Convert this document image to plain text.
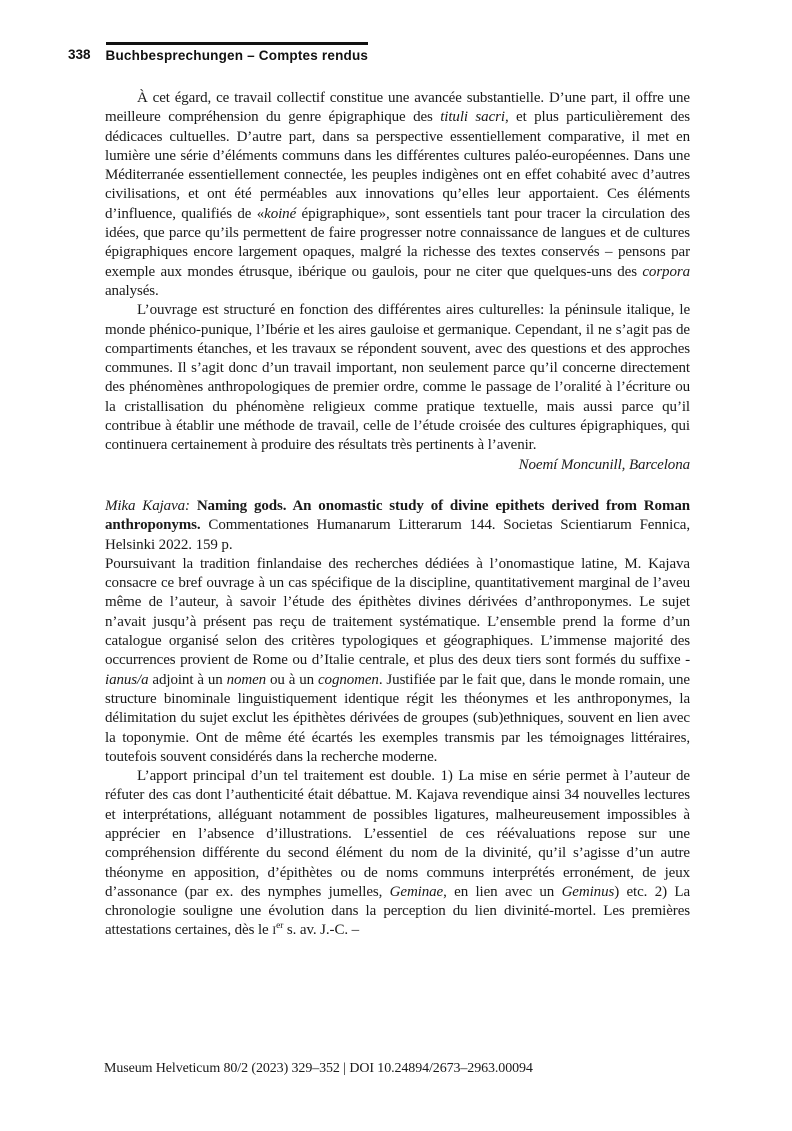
338 Buchbesprechungen – Comptes rendus

À cet égard, ce travail collectif constitue une avancée substantielle. D’une part, il offre une meilleure compréhension du genre épigraphique des tituli sacri, et plus particulièrement des dédicaces cultuelles. D’autre part, dans sa perspective essentiellement comparative, il met en lumière une série d’éléments communs dans les différentes cultures paléo-européennes. Dans une Méditerranée essentiellement connectée, les peuples indigènes ont en effet cohabité avec d’autres civilisations, et ont été perméables aux innovations qu’elles leur apportaient. Ces éléments d’influence, qualifiés de «koiné épigraphique», sont essentiels tant pour tracer la circulation des idées, que parce qu’ils permettent de faire progresser notre connaissance de langues et de cultures épigraphiques encore largement opaques, malgré la richesse des textes conservés – pensons par exemple aux mondes étrusque, ibérique ou gaulois, pour ne citer que quelques-uns des corpora analysés.

L’ouvrage est structuré en fonction des différentes aires culturelles: la péninsule italique, le monde phénico-punique, l’Ibérie et les aires gauloise et germanique. Cependant, il ne s’agit pas de compartiments étanches, et les travaux se répondent souvent, avec des questions et des approches communes. Il s’agit donc d’un travail important, non seulement parce qu’il concerne directement des phénomènes anthropologiques de premier ordre, comme le passage de l’oralité à l’écriture ou la cristallisation du phénomène religieux comme pratique textuelle, mais aussi parce qu’il contribue à établir une méthode de travail, celle de l’étude croisée des cultures épigraphiques, qui continuera certainement à produire des résultats très pertinents à l’avenir.

Noemí Moncunill, Barcelona

Mika Kajava: Naming gods. An onomastic study of divine epithets derived from Roman anthroponyms. Commentationes Humanarum Litterarum 144. Societas Scientiarum Fennica, Helsinki 2022. 159 p.

Poursuivant la tradition finlandaise des recherches dédiées à l’onomastique latine, M. Kajava consacre ce bref ouvrage à un cas spécifique de la discipline, quantitativement marginal de l’aveu même de l’auteur, à savoir l’étude des épithètes divines dérivées d’anthroponymes. Le sujet n’avait jusqu’à présent pas reçu de traitement systématique. L’ensemble prend la forme d’un catalogue organisé selon des critères typologiques et géographiques. L’immense majorité des occurrences provient de Rome ou d’Italie centrale, et plus des deux tiers sont formés du suffixe -ianus/a adjoint à un nomen ou à un cognomen. Justifiée par le fait que, dans le monde romain, une structure binominale linguistiquement identique régit les théonymes et les anthroponymes, la délimitation du sujet exclut les épithètes dérivées de groupes (sub)ethniques, souvent en lien avec la toponymie. Ont de même été écartés les exemples transmis par les témoignages littéraires, toutefois souvent considérés dans la recherche moderne.

L’apport principal d’un tel traitement est double. 1) La mise en série permet à l’auteur de réfuter des cas dont l’authenticité était débattue. M. Kajava revendique ainsi 34 nouvelles lectures et interprétations, alléguant notamment de possibles ligatures, malheureusement impossibles à apprécier en l’absence d’illustrations. L’essentiel de ces réévaluations repose sur une compréhension différente du second élément du nom de la divinité, qu’il s’agisse d’un autre théonyme en apposition, d’épithètes ou de noms communs interprétés erronément, de jeux d’assonance (par ex. des nymphes jumelles, Geminae, en lien avec un Geminus) etc. 2) La chronologie souligne une évolution dans la perception du lien divinité-mortel. Les premières attestations certaines, dès le Ier s. av. J.-C. –

Museum Helveticum 80/2 (2023) 329–352 | DOI 10.24894/2673–2963.00094
